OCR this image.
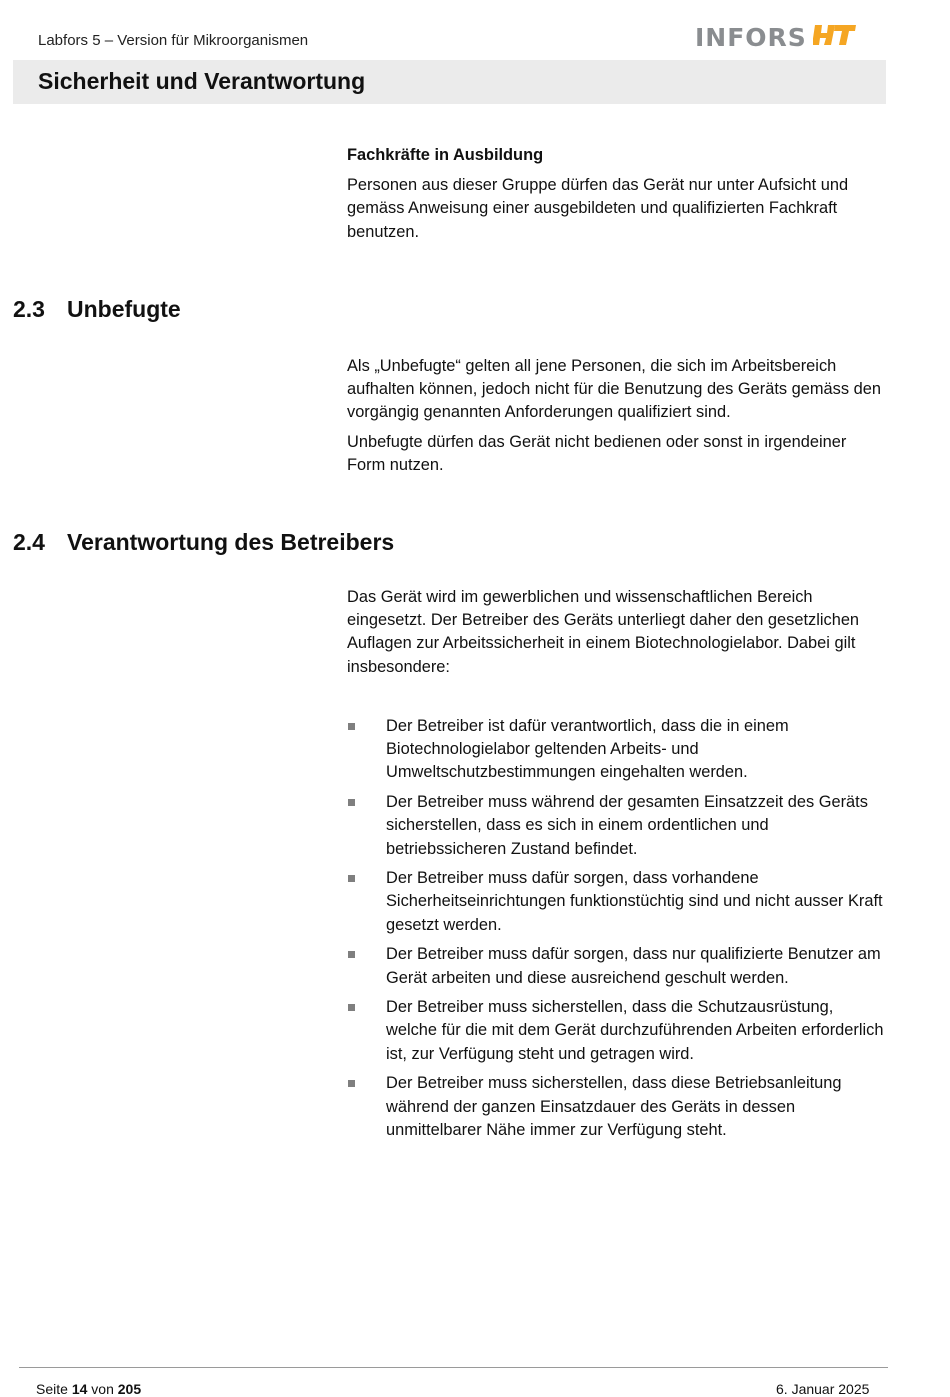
Labfors 5 – Version für Mikroorganismen	INFORS
Sicherheit und Verantwortung

Fachkräfte in Ausbildung

Personen aus dieser Gruppe dürfen das Gerät nur unter Aufsicht und gemäss Anweisung einer ausgebildeten und qualifizierten Fachkraft benutzen.

2.3 Unbefugte

Als „Unbefugte“ gelten all jene Personen, die sich im Arbeitsbereich aufhalten können, jedoch nicht für die Benutzung des Geräts gemäss den vorgängig genannten Anforderungen qualifiziert sind.

Unbefugte dürfen das Gerät nicht bedienen oder sonst in irgendeiner Form nutzen.

2.4 Verantwortung des Betreibers

Das Gerät wird im gewerblichen und wissenschaftlichen Bereich eingesetzt. Der Betreiber des Geräts unterliegt daher den gesetzlichen Auflagen zur Arbeitssicherheit in einem Biotechnologielabor. Dabei gilt insbesondere:

Der Betreiber ist dafür verantwortlich, dass die in einem Biotechnologielabor geltenden Arbeits- und Umweltschutzbestimmungen eingehalten werden.
Der Betreiber muss während der gesamten Einsatzzeit des Geräts sicherstellen, dass es sich in einem ordentlichen und betriebssicheren Zustand befindet.
Der Betreiber muss dafür sorgen, dass vorhandene Sicherheitseinrichtungen funktionstüchtig sind und nicht ausser Kraft gesetzt werden.
Der Betreiber muss dafür sorgen, dass nur qualifizierte Benutzer am Gerät arbeiten und diese ausreichend geschult werden.
Der Betreiber muss sicherstellen, dass die Schutzausrüstung, welche für die mit dem Gerät durchzuführenden Arbeiten erforderlich ist, zur Verfügung steht und getragen wird.
Der Betreiber muss sicherstellen, dass diese Betriebsanleitung während der ganzen Einsatzdauer des Geräts in dessen unmittelbarer Nähe immer zur Verfügung steht.
Seite 14 von 205	6. Januar 2025
